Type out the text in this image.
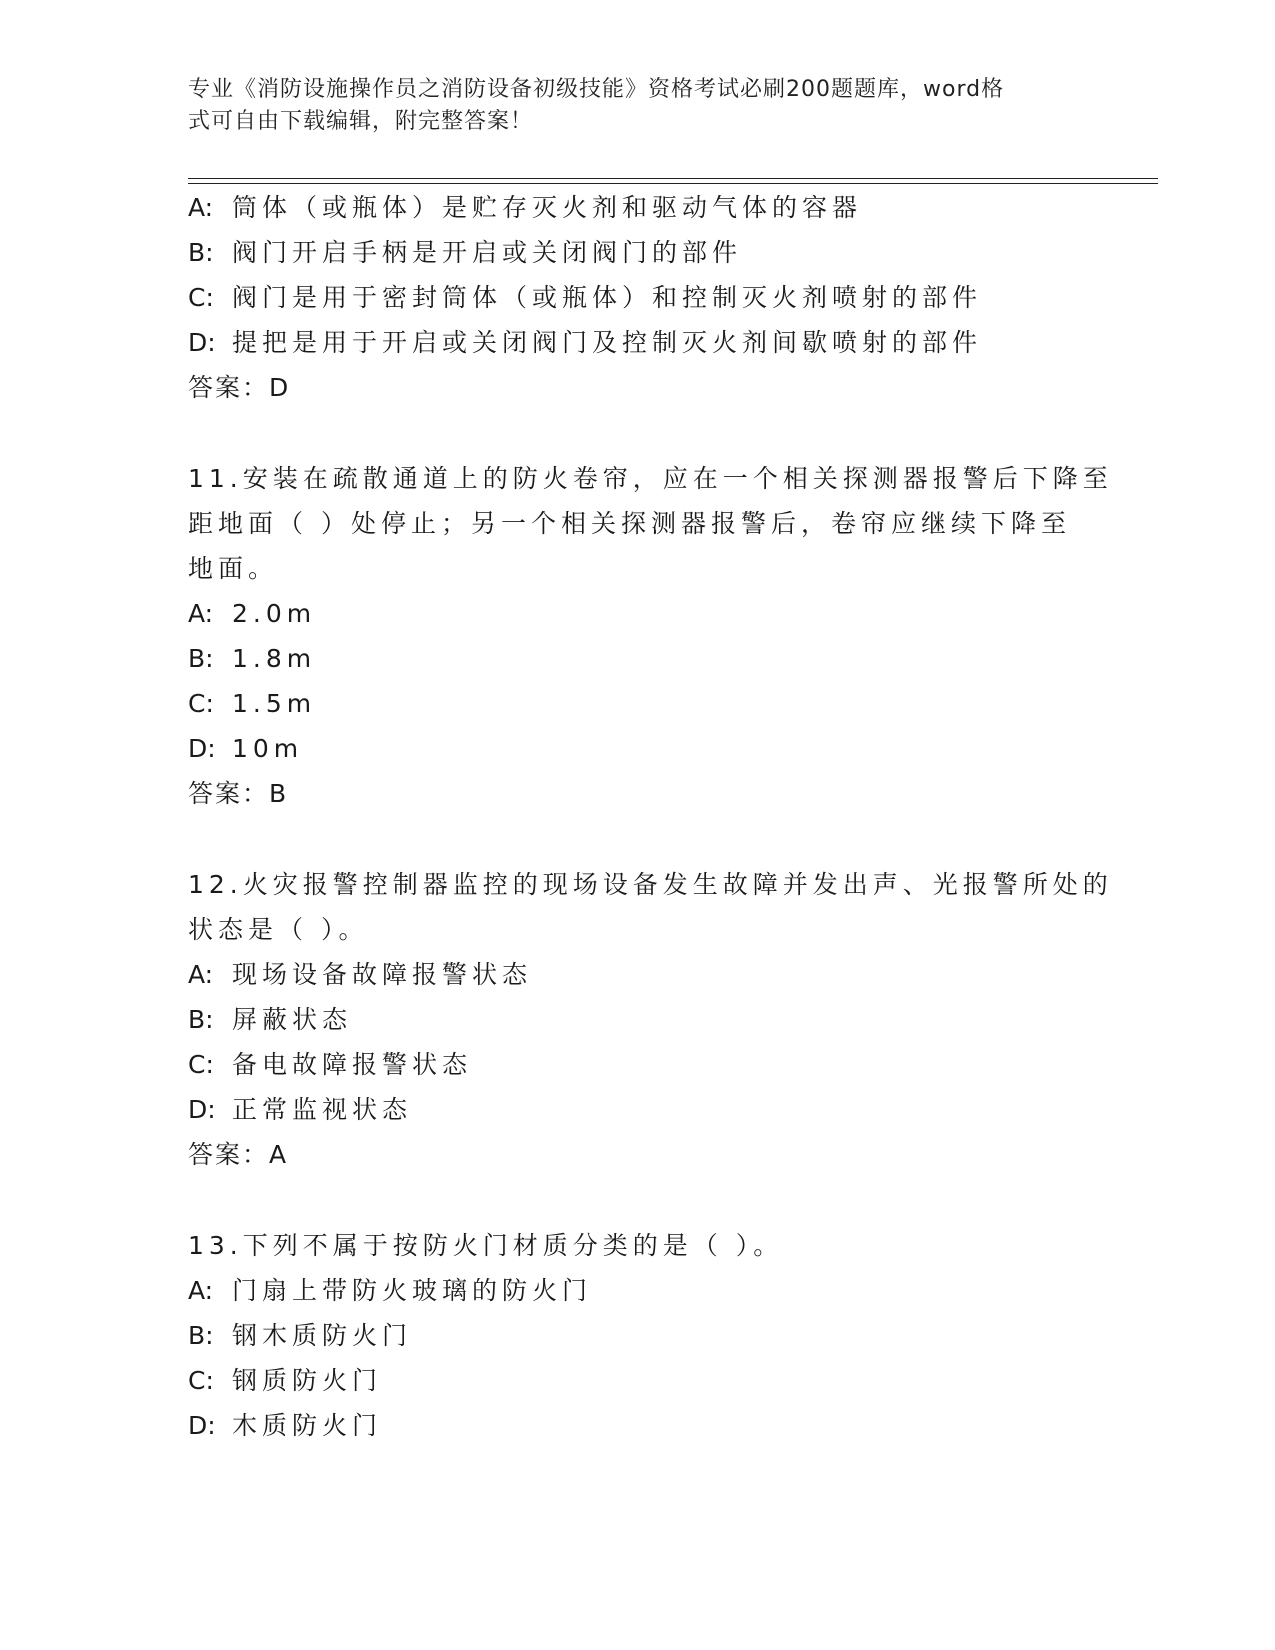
专业《消防设施操作员之消防设备初级技能》资格考试必刷200题题库，word格
式可自由下载编辑，附完整答案！
A: 筒体（或瓶体）是贮存灭火剂和驱动气体的容器
B: 阀门开启手柄是开启或关闭阀门的部件
C: 阀门是用于密封筒体（或瓶体）和控制灭火剂喷射的部件
D: 提把是用于开启或关闭阀门及控制灭火剂间歇喷射的部件
答案：D
11.安装在疏散通道上的防火卷帘，应在一个相关探测器报警后下降至
距地面（ ）处停止；另一个相关探测器报警后，卷帘应继续下降至
地面。
A: 2.0m
B: 1.8m
C: 1.5m
D: 10m
答案：B
12.火灾报警控制器监控的现场设备发生故障并发出声、光报警所处的
状态是（ ）。
A: 现场设备故障报警状态
B: 屏蔽状态
C: 备电故障报警状态
D: 正常监视状态
答案：A
13.下列不属于按防火门材质分类的是（ ）。
A: 门扇上带防火玻璃的防火门
B: 钢木质防火门
C: 钢质防火门
D: 木质防火门
